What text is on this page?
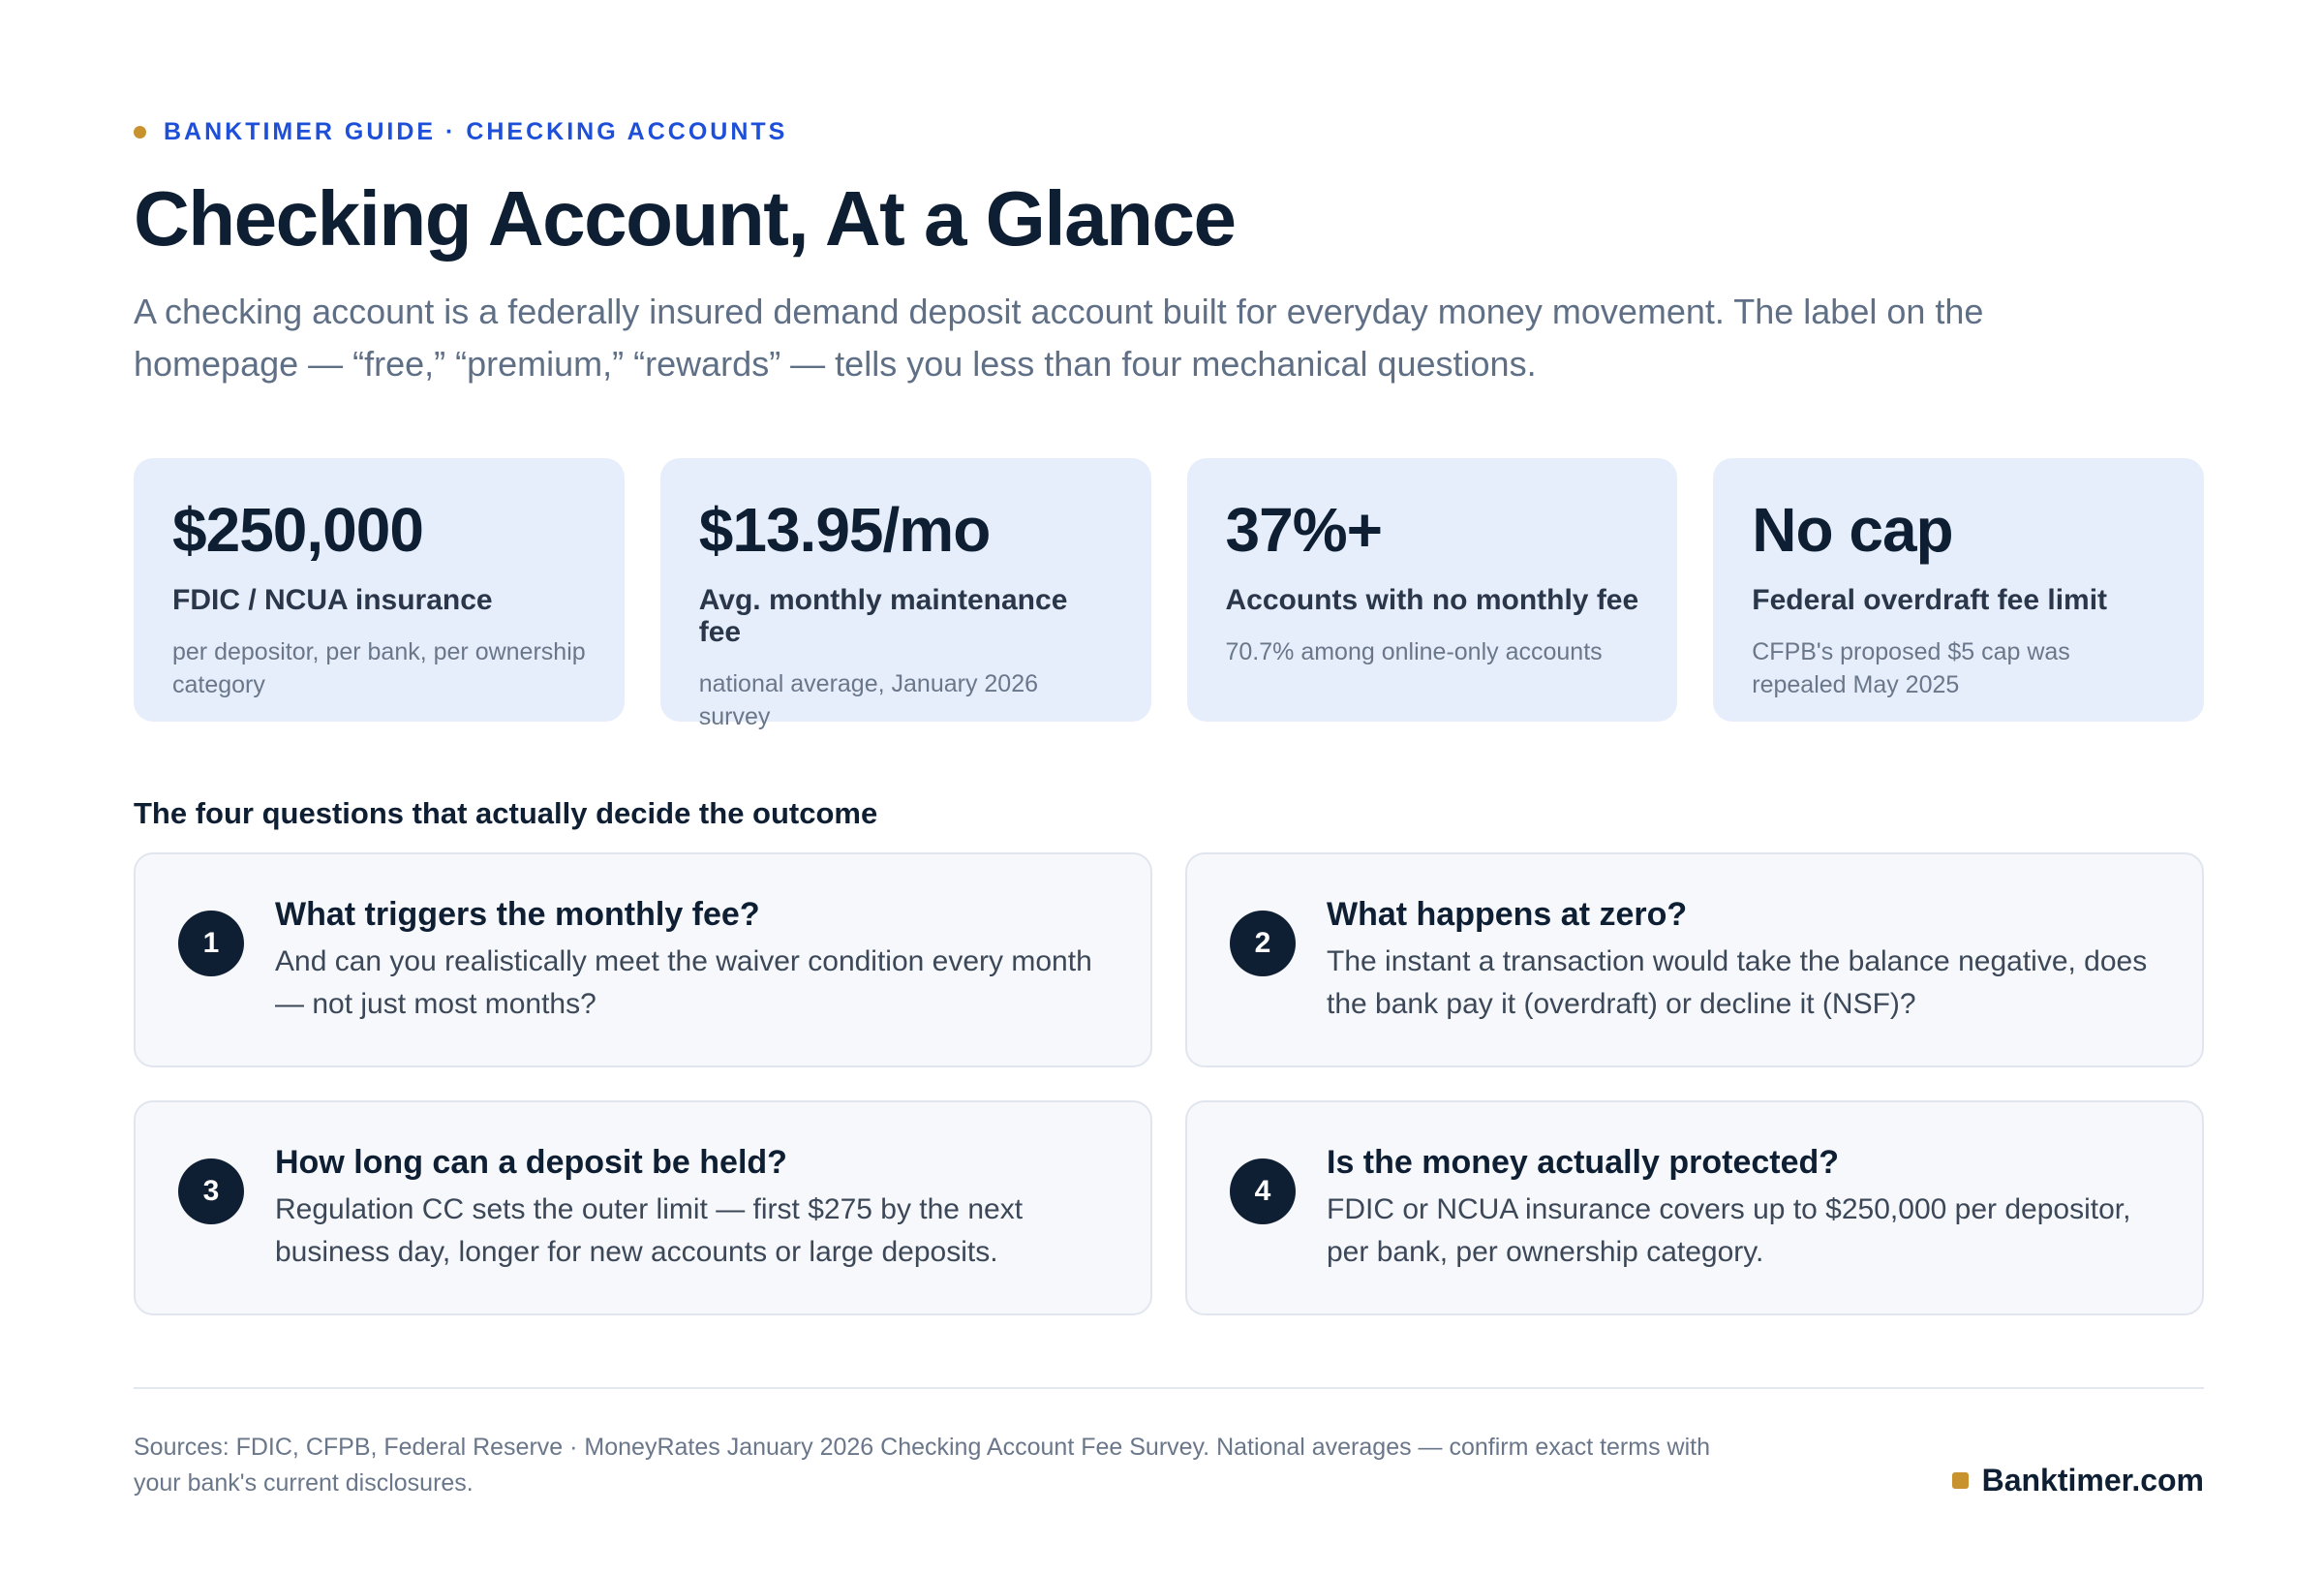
BANKTIMER GUIDE · CHECKING ACCOUNTS
Checking Account, At a Glance

A checking account is a federally insured demand deposit account built for everyday money movement. The label on the homepage — “free,” “premium,” “rewards” — tells you less than four mechanical questions.

$250,000
FDIC / NCUA insurance
per depositor, per bank, per ownership category
$13.95/mo
Avg. monthly maintenance fee
national average, January 2026 survey
37%+
Accounts with no monthly fee
70.7% among online-only accounts
No cap
Federal overdraft fee limit
CFPB's proposed $5 cap was repealed May 2025
The four questions that actually decide the outcome
1
What triggers the monthly fee?
And can you realistically meet the waiver condition every month — not just most months?
2
What happens at zero?
The instant a transaction would take the balance negative, does the bank pay it (overdraft) or decline it (NSF)?
3
How long can a deposit be held?
Regulation CC sets the outer limit — first $275 by the next business day, longer for new accounts or large deposits.
4
Is the money actually protected?
FDIC or NCUA insurance covers up to $250,000 per depositor, per bank, per ownership category.
Sources: FDIC, CFPB, Federal Reserve · MoneyRates January 2026 Checking Account Fee Survey. National averages — confirm exact terms with your bank's current disclosures.	Banktimer.com
